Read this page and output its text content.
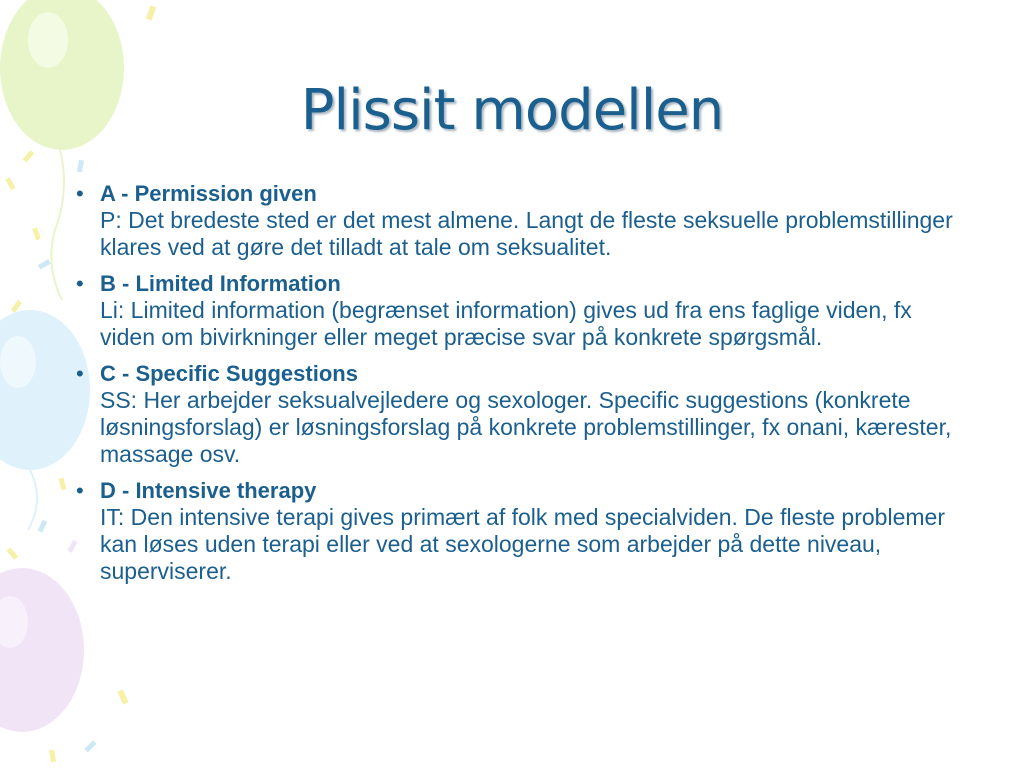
Plissit modellen
• A - Permission given
P: Det bredeste sted er det mest almene. Langt de fleste seksuelle problemstillinger klares ved at gøre det tilladt at tale om seksualitet.
• B - Limited Information
Li: Limited information (begrænset information) gives ud fra ens faglige viden, fx viden om bivirkninger eller meget præcise svar på konkrete spørgsmål.
• C - Specific Suggestions
SS: Her arbejder seksualvejledere og sexologer. Specific suggestions (konkrete løsningsforslag) er løsningsforslag på konkrete problemstillinger, fx onani, kærester, massage osv.
• D - Intensive therapy
IT: Den intensive terapi gives primært af folk med specialviden. De fleste problemer kan løses uden terapi eller ved at sexologerne som arbejder på dette niveau, superviserer.
